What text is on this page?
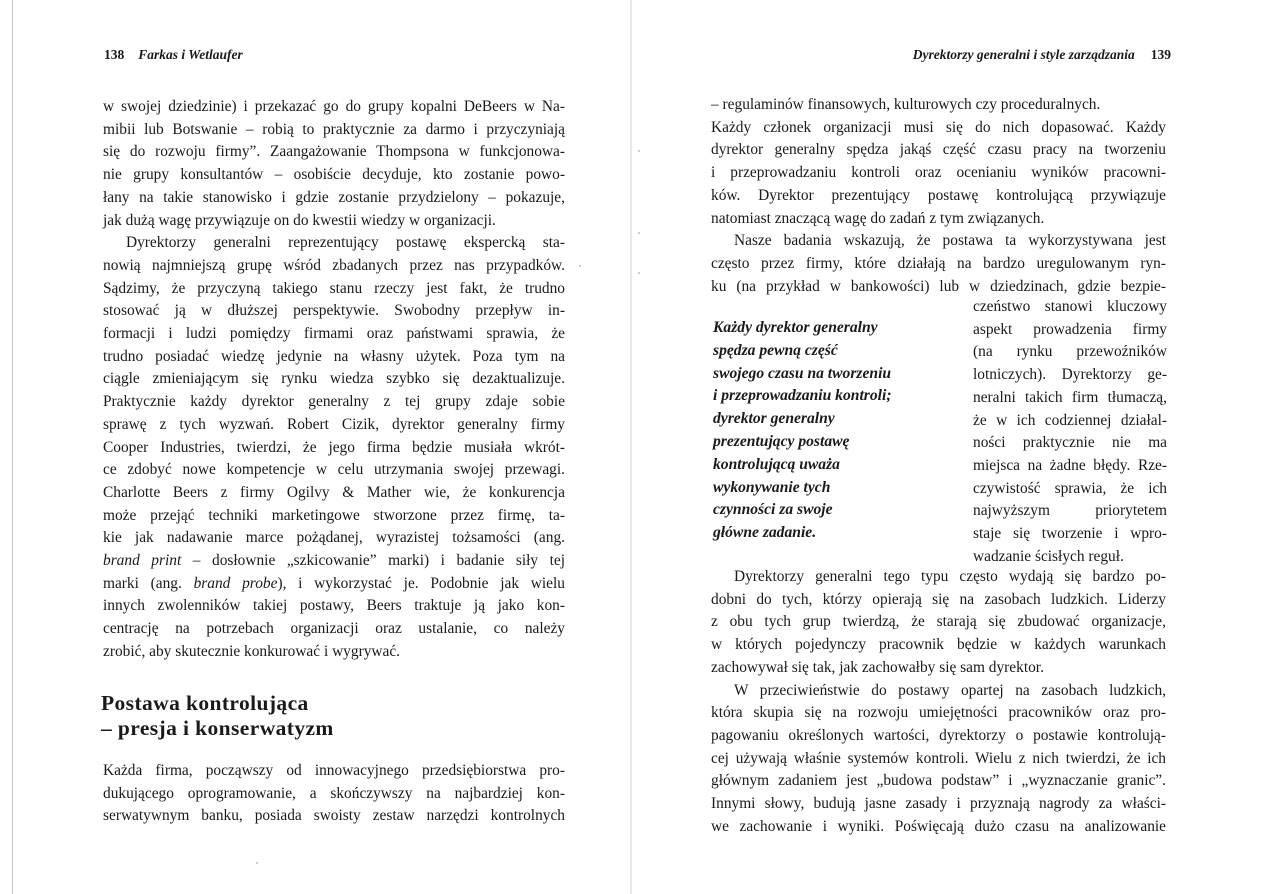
138 Farkas i Wetlaufer
w swojej dziedzinie) i przekazać go do grupy kopalni DeBeers w Na-
mibii lub Botswanie – robią to praktycznie za darmo i przyczyniają
się do rozwoju firmy”. Zaangażowanie Thompsona w funkcjonowa-
nie grupy konsultantów – osobiście decyduje, kto zostanie powo-
łany na takie stanowisko i gdzie zostanie przydzielony – pokazuje,
jak dużą wagę przywiązuje on do kwestii wiedzy w organizacji.
Dyrektorzy generalni reprezentujący postawę ekspercką sta-
nowią najmniejszą grupę wśród zbadanych przez nas przypadków.
Sądzimy, że przyczyną takiego stanu rzeczy jest fakt, że trudno
stosować ją w dłuższej perspektywie. Swobodny przepływ in-
formacji i ludzi pomiędzy firmami oraz państwami sprawia, że
trudno posiadać wiedzę jedynie na własny użytek. Poza tym na
ciągle zmieniającym się rynku wiedza szybko się dezaktualizuje.
Praktycznie każdy dyrektor generalny z tej grupy zdaje sobie
sprawę z tych wyzwań. Robert Cizik, dyrektor generalny firmy
Cooper Industries, twierdzi, że jego firma będzie musiała wkrót-
ce zdobyć nowe kompetencje w celu utrzymania swojej przewagi.
Charlotte Beers z firmy Ogilvy & Mather wie, że konkurencja
może przejąć techniki marketingowe stworzone przez firmę, ta-
kie jak nadawanie marce pożądanej, wyrazistej tożsamości (ang.
brand print – dosłownie „szkicowanie” marki) i badanie siły tej
marki (ang. brand probe), i wykorzystać je. Podobnie jak wielu
innych zwolenników takiej postawy, Beers traktuje ją jako kon-
centrację na potrzebach organizacji oraz ustalanie, co należy
zrobić, aby skutecznie konkurować i wygrywać.
Postawa kontrolująca
– presja i konserwatyzm
Każda firma, począwszy od innowacyjnego przedsiębiorstwa pro-
dukującego oprogramowanie, a skończywszy na najbardziej kon-
serwatywnym banku, posiada swoisty zestaw narzędzi kontrolnych
Dyrektorzy generalni i style zarządzania 139
– regulaminów finansowych, kulturowych czy proceduralnych.
Każdy członek organizacji musi się do nich dopasować. Każdy
dyrektor generalny spędza jakąś część czasu pracy na tworzeniu
i przeprowadzaniu kontroli oraz ocenianiu wyników pracowni-
ków. Dyrektor prezentujący postawę kontrolującą przywiązuje
natomiast znaczącą wagę do zadań z tym związanych.
Nasze badania wskazują, że postawa ta wykorzystywana jest
często przez firmy, które działają na bardzo uregulowanym ryn-
ku (na przykład w bankowości) lub w dziedzinach, gdzie bezpie-
Każdy dyrektor generalny
spędza pewną część
swojego czasu na tworzeniu
i przeprowadzaniu kontroli;
dyrektor generalny
prezentujący postawę
kontrolującą uważa
wykonywanie tych
czynności za swoje
główne zadanie.
czeństwo stanowi kluczowy
aspekt prowadzenia firmy
(na rynku przewoźników
lotniczych). Dyrektorzy ge-
neralni takich firm tłumaczą,
że w ich codziennej działal-
ności praktycznie nie ma
miejsca na żadne błędy. Rze-
czywistość sprawia, że ich
najwyższym priorytetem
staje się tworzenie i wpro-
wadzanie ścisłych reguł.
Dyrektorzy generalni tego typu często wydają się bardzo po-
dobni do tych, którzy opierają się na zasobach ludzkich. Liderzy
z obu tych grup twierdzą, że starają się zbudować organizacje,
w których pojedynczy pracownik będzie w każdych warunkach
zachowywał się tak, jak zachowałby się sam dyrektor.
W przeciwieństwie do postawy opartej na zasobach ludzkich,
która skupia się na rozwoju umiejętności pracowników oraz pro-
pagowaniu określonych wartości, dyrektorzy o postawie kontrolują-
cej używają właśnie systemów kontroli. Wielu z nich twierdzi, że ich
głównym zadaniem jest „budowa podstaw” i „wyznaczanie granic”.
Innymi słowy, budują jasne zasady i przyznają nagrody za właści-
we zachowanie i wyniki. Poświęcają dużo czasu na analizowanie
